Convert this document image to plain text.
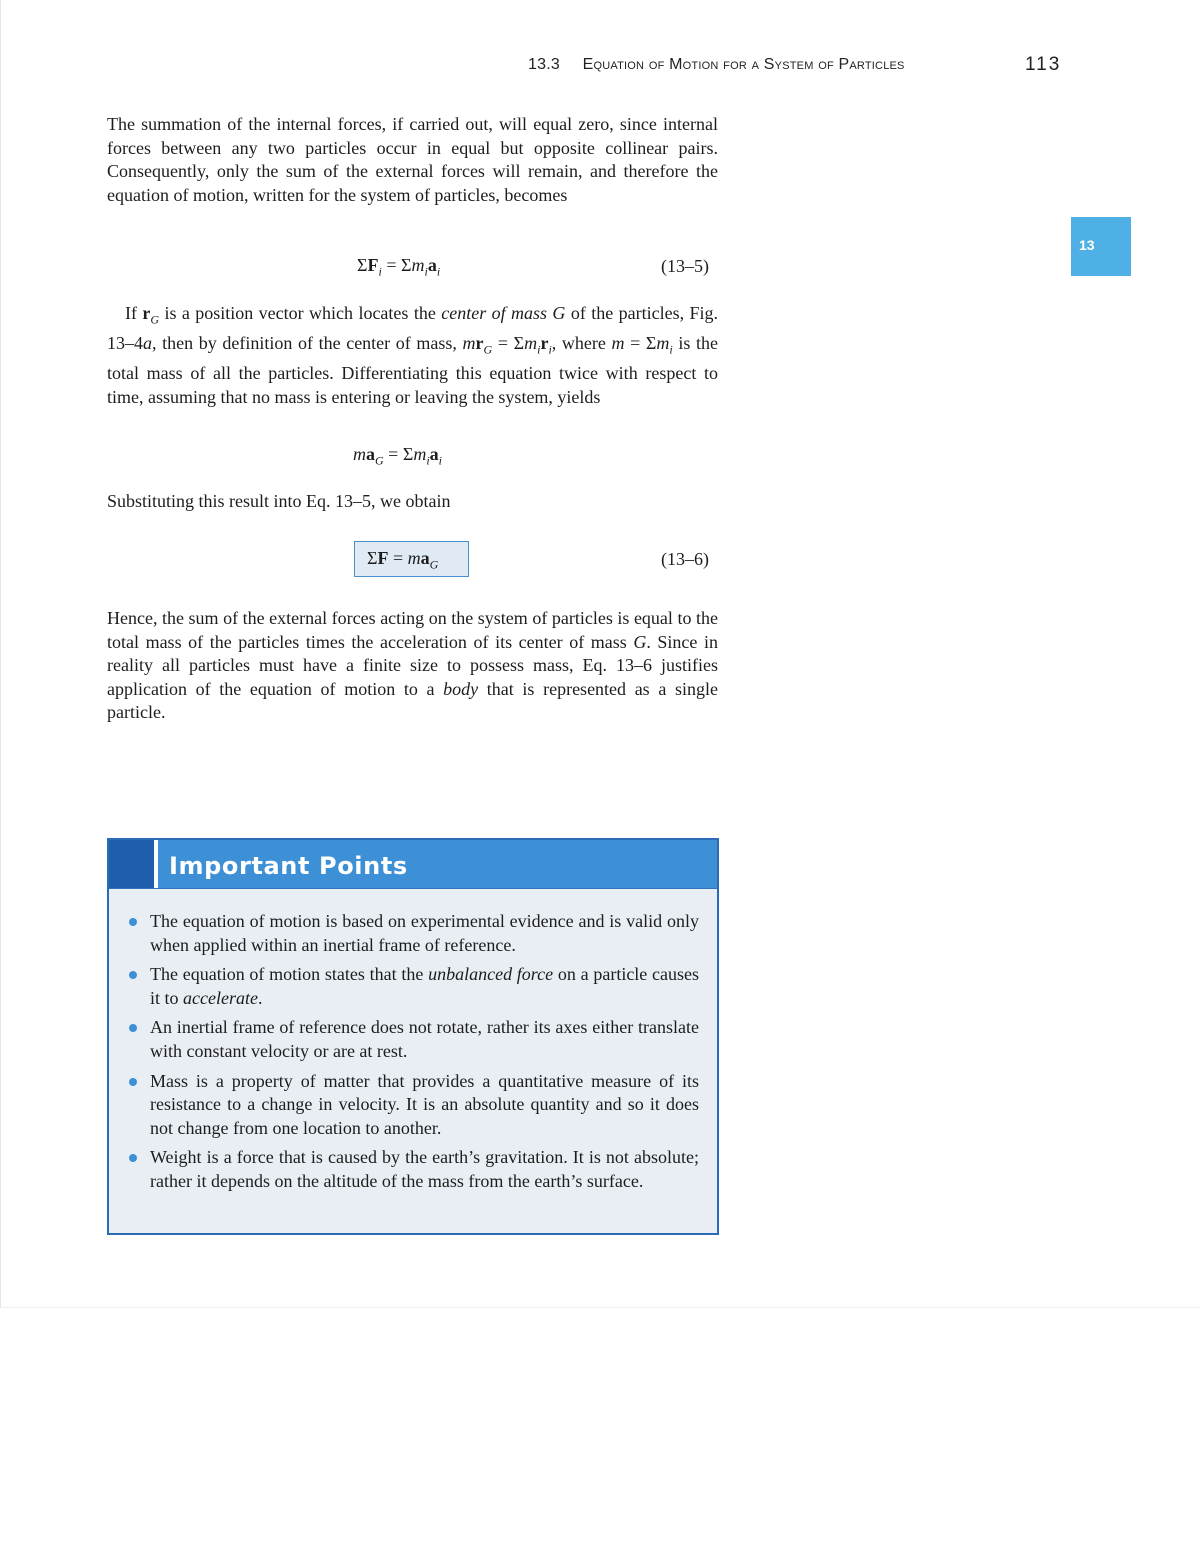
13.3 Equation of Motion for a System of Particles	113
13

The summation of the internal forces, if carried out, will equal zero, since internal forces between any two particles occur in equal but opposite collinear pairs. Consequently, only the sum of the external forces will remain, and therefore the equation of motion, written for the system of particles, becomes

$\Sigma F_i = \Sigma m_ia_i$	(13–5)

If $r_G$ is a position vector which locates the center of mass G of the particles, Fig. 13–4a, then by definition of the center of mass, $mr_G = \Sigma m_ir_i$, where $m = \Sigma m_i$ is the total mass of all the particles. Differentiating this equation twice with respect to time, assuming that no mass is entering or leaving the system, yields

$ma_G = \Sigma m_ia_i$

Substituting this result into Eq. 13–5, we obtain

$\Sigma F = ma_G$	(13–6)

Hence, the sum of the external forces acting on the system of particles is equal to the total mass of the particles times the acceleration of its center of mass G. Since in reality all particles must have a finite size to possess mass, Eq. 13–6 justifies application of the equation of motion to a body that is represented as a single particle.

Important Points
The equation of motion is based on experimental evidence and is valid only when applied within an inertial frame of reference.
The equation of motion states that the unbalanced force on a particle causes it to accelerate.
An inertial frame of reference does not rotate, rather its axes either translate with constant velocity or are at rest.
Mass is a property of matter that provides a quantitative measure of its resistance to a change in velocity. It is an absolute quantity and so it does not change from one location to another.
Weight is a force that is caused by the earth’s gravitation. It is not absolute; rather it depends on the altitude of the mass from the earth’s surface.
